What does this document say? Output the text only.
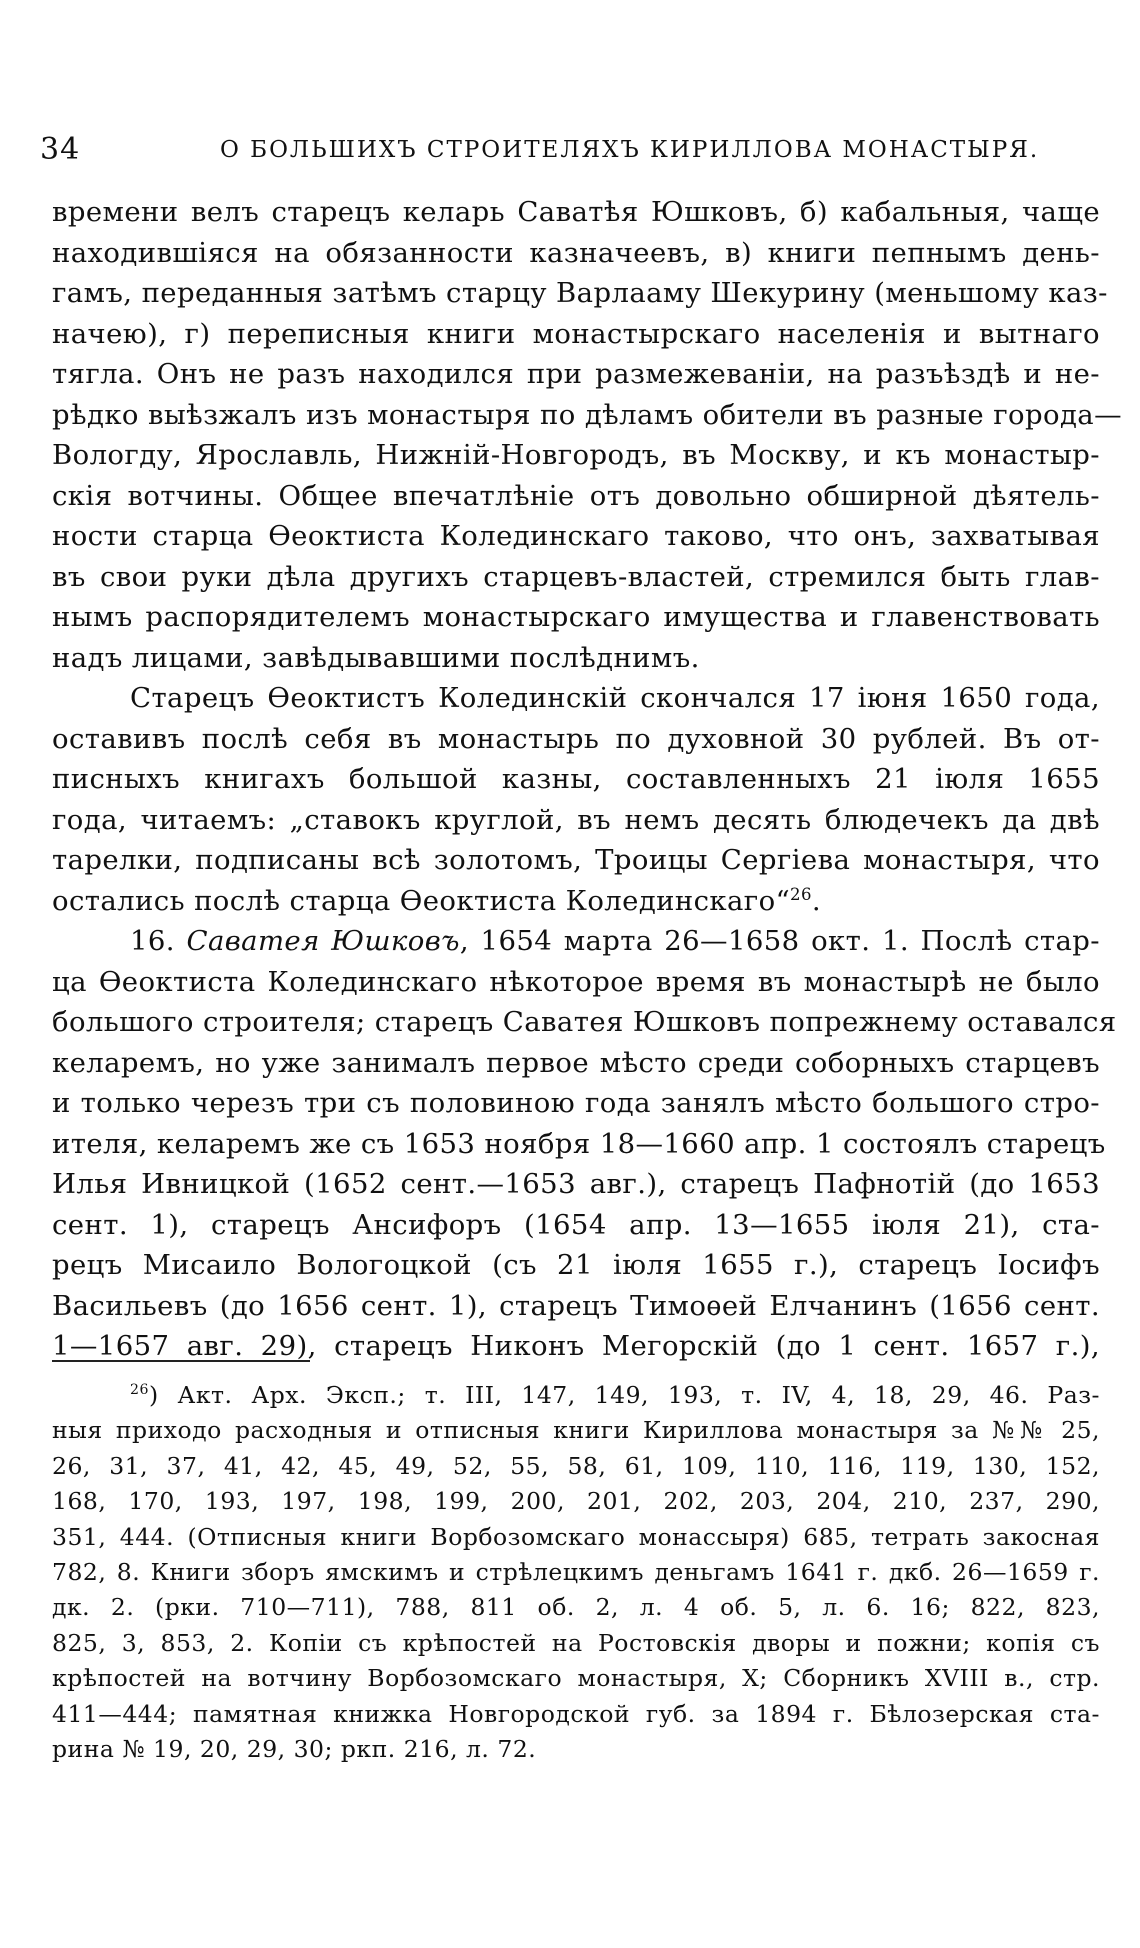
34	О БОЛЬШИХЪ СТРОИТЕЛЯХЪ КИРИЛЛОВА МОНАСТЫРЯ.
времени велъ старецъ келарь Саватѣя Юшковъ, б) кабальныя, чаще
находившіяся на обязанности казначеевъ, в) книги пепнымъ день-
гамъ, переданныя затѣмъ старцу Варлааму Шекурину (меньшому каз-
начею), г) переписныя книги монастырскаго населенія и вытнаго
тягла. Онъ не разъ находился при размежеваніи, на разъѣздѣ и не-
рѣдко выѣзжалъ изъ монастыря по дѣламъ обители въ разные города—
Вологду, Ярославль, Нижній-Новгородъ, въ Москву, и къ монастыр-
скія вотчины. Общее впечатлѣніе отъ довольно обширной дѣятель-
ности старца Ѳеоктиста Колединскаго таково, что онъ, захватывая
въ свои руки дѣла другихъ старцевъ-властей, стремился быть глав-
нымъ распорядителемъ монастырскаго имущества и главенствовать
надъ лицами, завѣдывавшими послѣднимъ.
Старецъ Ѳеоктистъ Колединскій скончался 17 іюня 1650 года,
оставивъ послѣ себя въ монастырь по духовной 30 рублей. Въ от-
писныхъ книгахъ большой казны, составленныхъ 21 іюля 1655
года, читаемъ: „ставокъ круглой, въ немъ десять блюдечекъ да двѣ
тарелки, подписаны всѣ золотомъ, Троицы Сергіева монастыря, что
остались послѣ старца Ѳеоктиста Колединскаго“$^{26}$.
16. Саватея Юшковъ, 1654 марта 26—1658 окт. 1. Послѣ стар-
ца Ѳеоктиста Колединскаго нѣкоторое время въ монастырѣ не было
большого строителя; старецъ Саватея Юшковъ попрежнему оставался
келаремъ, но уже занималъ первое мѣсто среди соборныхъ старцевъ
и только черезъ три съ половиною года занялъ мѣсто большого стро-
ителя, келаремъ же съ 1653 ноября 18—1660 апр. 1 состоялъ старецъ
Илья Ивницкой (1652 сент.—1653 авг.), старецъ Пафнотій (до 1653
сент. 1), старецъ Ансифоръ (1654 апр. 13—1655 іюля 21), ста-
рецъ Мисаило Вологоцкой (съ 21 іюля 1655 г.), старецъ Іосифъ
Васильевъ (до 1656 сент. 1), старецъ Тимоѳей Елчанинъ (1656 сент.
1—1657 авг. 29), старецъ Никонъ Мегорскій (до 1 сент. 1657 г.),
$^{26}$) Акт. Арх. Эксп.; т. III, 147, 149, 193, т. IV, 4, 18, 29, 46. Раз-
ныя приходо расходныя и отписныя книги Кириллова монастыря за №№ 25,
26, 31, 37, 41, 42, 45, 49, 52, 55, 58, 61, 109, 110, 116, 119, 130, 152,
168, 170, 193, 197, 198, 199, 200, 201, 202, 203, 204, 210, 237, 290,
351, 444. (Отписныя книги Ворбозомскаго монассыря) 685, тетрать закосная
782, 8. Книги зборъ ямскимъ и стрѣлецкимъ деньгамъ 1641 г. дкб. 26—1659 г.
дк. 2. (рки. 710—711), 788, 811 об. 2, л. 4 об. 5, л. 6. 16; 822, 823,
825, 3, 853, 2. Копіи съ крѣпостей на Ростовскія дворы и пожни; копія съ
крѣпостей на вотчину Ворбозомскаго монастыря, X; Сборникъ XVIII в., стр.
411—444; памятная книжка Новгородской губ. за 1894 г. Бѣлозерская ста-
рина № 19, 20, 29, 30; ркп. 216, л. 72.
